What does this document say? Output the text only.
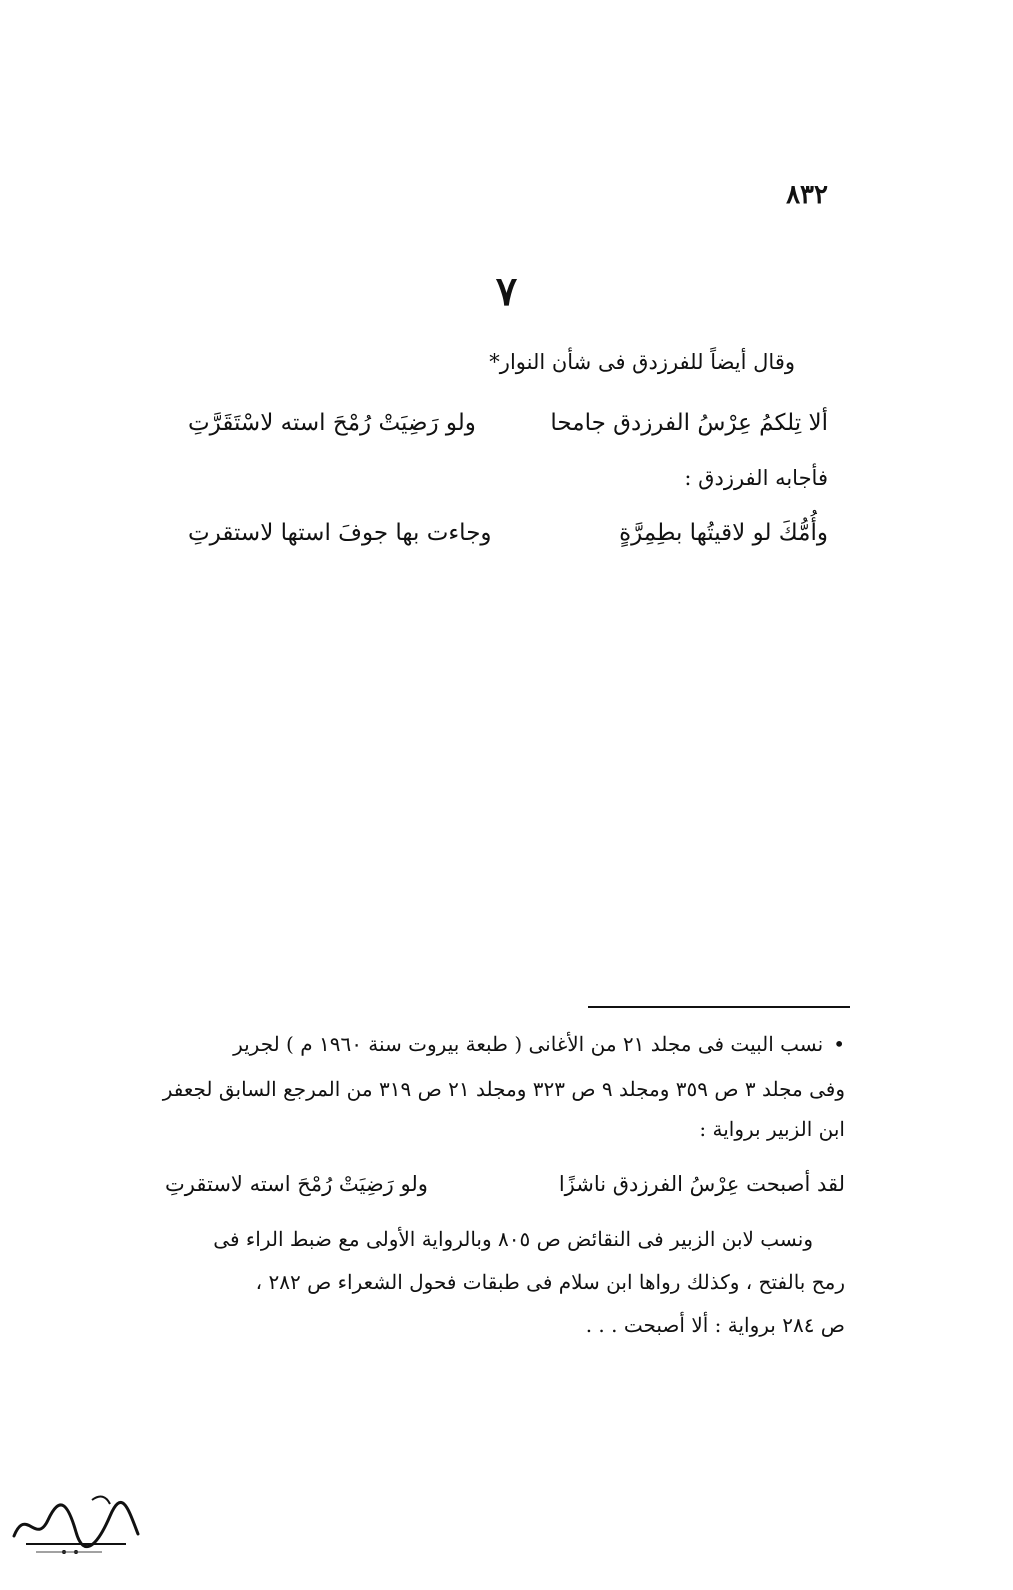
٨٣٢
٧
وقال أيضاً للفرزدق فى شأن النوار*
ألا تِلكمُ عِرْسُ الفرزدق جامحا
ولو رَضِيَتْ رُمْحَ استه لاسْتَقَرَّتِ
فأجابه الفرزدق :
وأُمُّكَ لو لاقيتُها بطِمِرَّةٍ
وجاءت بها جوفَ استها لاستقرتِ
•نسب البيت فى مجلد ٢١ من الأغانى ( طبعة بيروت سنة ١٩٦٠ م ) لجرير
وفى مجلد ٣ ص ٣٥٩ ومجلد ٩ ص ٣٢٣ ومجلد ٢١ ص ٣١٩ من المرجع السابق لجعفر
ابن الزبير برواية :
لقد أصبحت عِرْسُ الفرزدق ناشزًا
ولو رَضِيَتْ رُمْحَ استه لاستقرتِ
ونسب لابن الزبير فى النقائض ص ٨٠٥ وبالرواية الأولى مع ضبط الراء فى
رمح بالفتح ، وكذلك رواها ابن سلام فى طبقات فحول الشعراء ص ٢٨٢ ،
ص ٢٨٤ برواية : ألا أصبحت . . .
